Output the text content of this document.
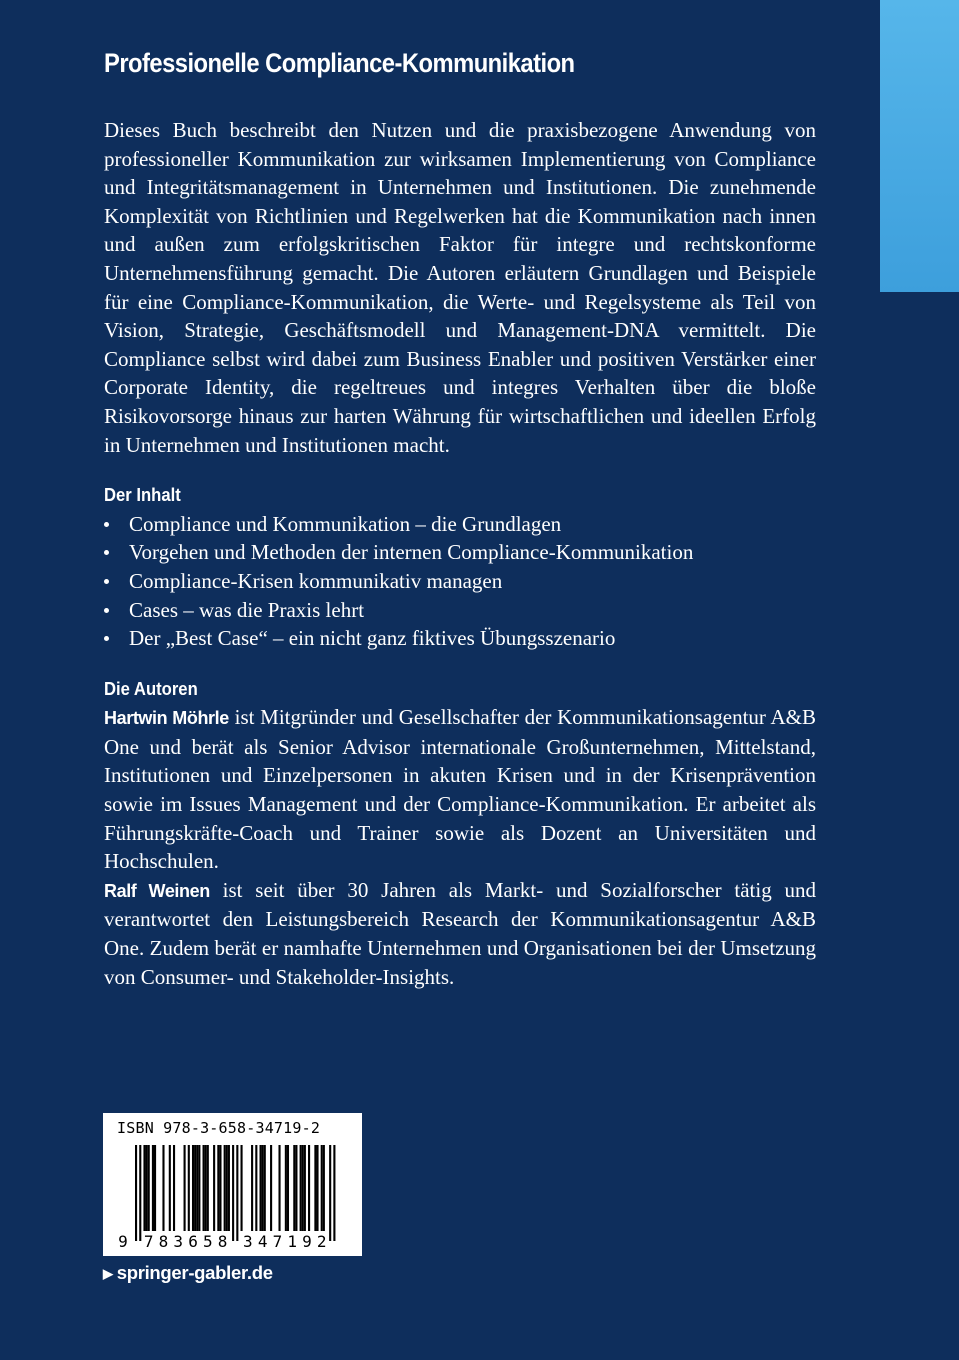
Professionelle Compliance-Kommunikation

Dieses Buch beschreibt den Nutzen und die praxisbezogene Anwendung von professioneller Kommunikation zur wirksamen Implementierung von Compliance und Integritätsmanagement in Unternehmen und Institutionen. Die zunehmende Komplexität von Richtlinien und Regelwerken hat die Kommunikation nach innen und außen zum erfolgskritischen Faktor für integre und rechtskonforme Unternehmensführung gemacht. Die Autoren erläutern Grundlagen und Beispiele für eine Compliance-Kommunikation, die Werte- und Regelsysteme als Teil von Vision, Strategie, Geschäftsmodell und Management-DNA vermittelt. Die Compliance selbst wird dabei zum Business Enabler und positiven Verstärker einer Corporate Identity, die regeltreues und integres Verhalten über die bloße Risikovorsorge hinaus zur harten Währung für wirtschaftlichen und ideellen Erfolg in Unternehmen und Institutionen macht.

Der Inhalt
Compliance und Kommunikation – die Grundlagen
Vorgehen und Methoden der internen Compliance-Kommunikation
Compliance-Krisen kommunikativ managen
Cases – was die Praxis lehrt
Der „Best Case“ – ein nicht ganz fiktives Übungsszenario
Die Autoren

Hartwin Möhrle ist Mitgründer und Gesellschafter der Kommunikationsagentur A&B One und berät als Senior Advisor internationale Großunternehmen, Mittelstand, Institutionen und Einzelpersonen in akuten Krisen und in der Krisenprävention sowie im Issues Management und der Compliance-Kommunikation. Er arbeitet als Führungskräfte-Coach und Trainer sowie als Dozent an Universitäten und Hochschulen.

Ralf Weinen ist seit über 30 Jahren als Markt- und Sozialforscher tätig und verantwortet den Leistungsbereich Research der Kommunikationsagentur A&B One. Zudem berät er namhafte Unternehmen und Organisationen bei der Umsetzung von Consumer- und Stakeholder-Insights.

ISBN 978-3-658-34719-2
9 7 8 3 6 5 8 3 4 7 1 9 2
▶ springer-gabler.de
